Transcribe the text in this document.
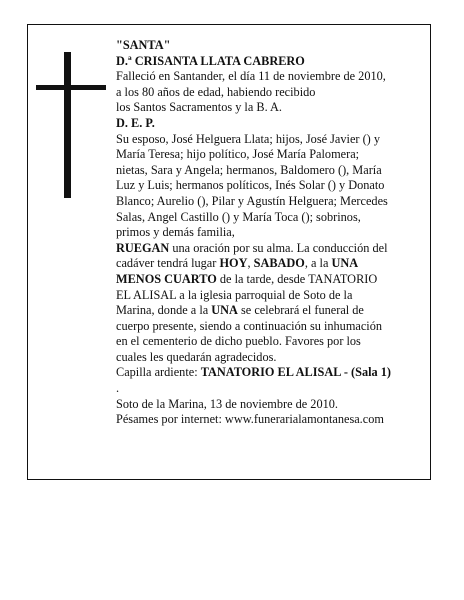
"SANTA"
D.ª CRISANTA LLATA CABRERO
Falleció en Santander, el día 11 de noviembre de 2010,
a los 80 años de edad, habiendo recibido
los Santos Sacramentos y la B. A.
D. E. P.
Su esposo, José Helguera Llata; hijos, José Javier () y
María Teresa; hijo político, José María Palomera;
nietas, Sara y Angela; hermanos, Baldomero (), María
Luz y Luis; hermanos políticos, Inés Solar () y Donato
Blanco; Aurelio (), Pilar y Agustín Helguera; Mercedes
Salas, Angel Castillo () y María Toca (); sobrinos,
primos y demás familia,
RUEGAN una oración por su alma. La conducción del
cadáver tendrá lugar HOY, SABADO, a la UNA
MENOS CUARTO de la tarde, desde TANATORIO
EL ALISAL a la iglesia parroquial de Soto de la
Marina, donde a la UNA se celebrará el funeral de
cuerpo presente, siendo a continuación su inhumación
en el cementerio de dicho pueblo. Favores por los
cuales les quedarán agradecidos.
Capilla ardiente: TANATORIO EL ALISAL - (Sala 1)
.
Soto de la Marina, 13 de noviembre de 2010.
Pésames por internet: www.funerarialamontanesa.com
